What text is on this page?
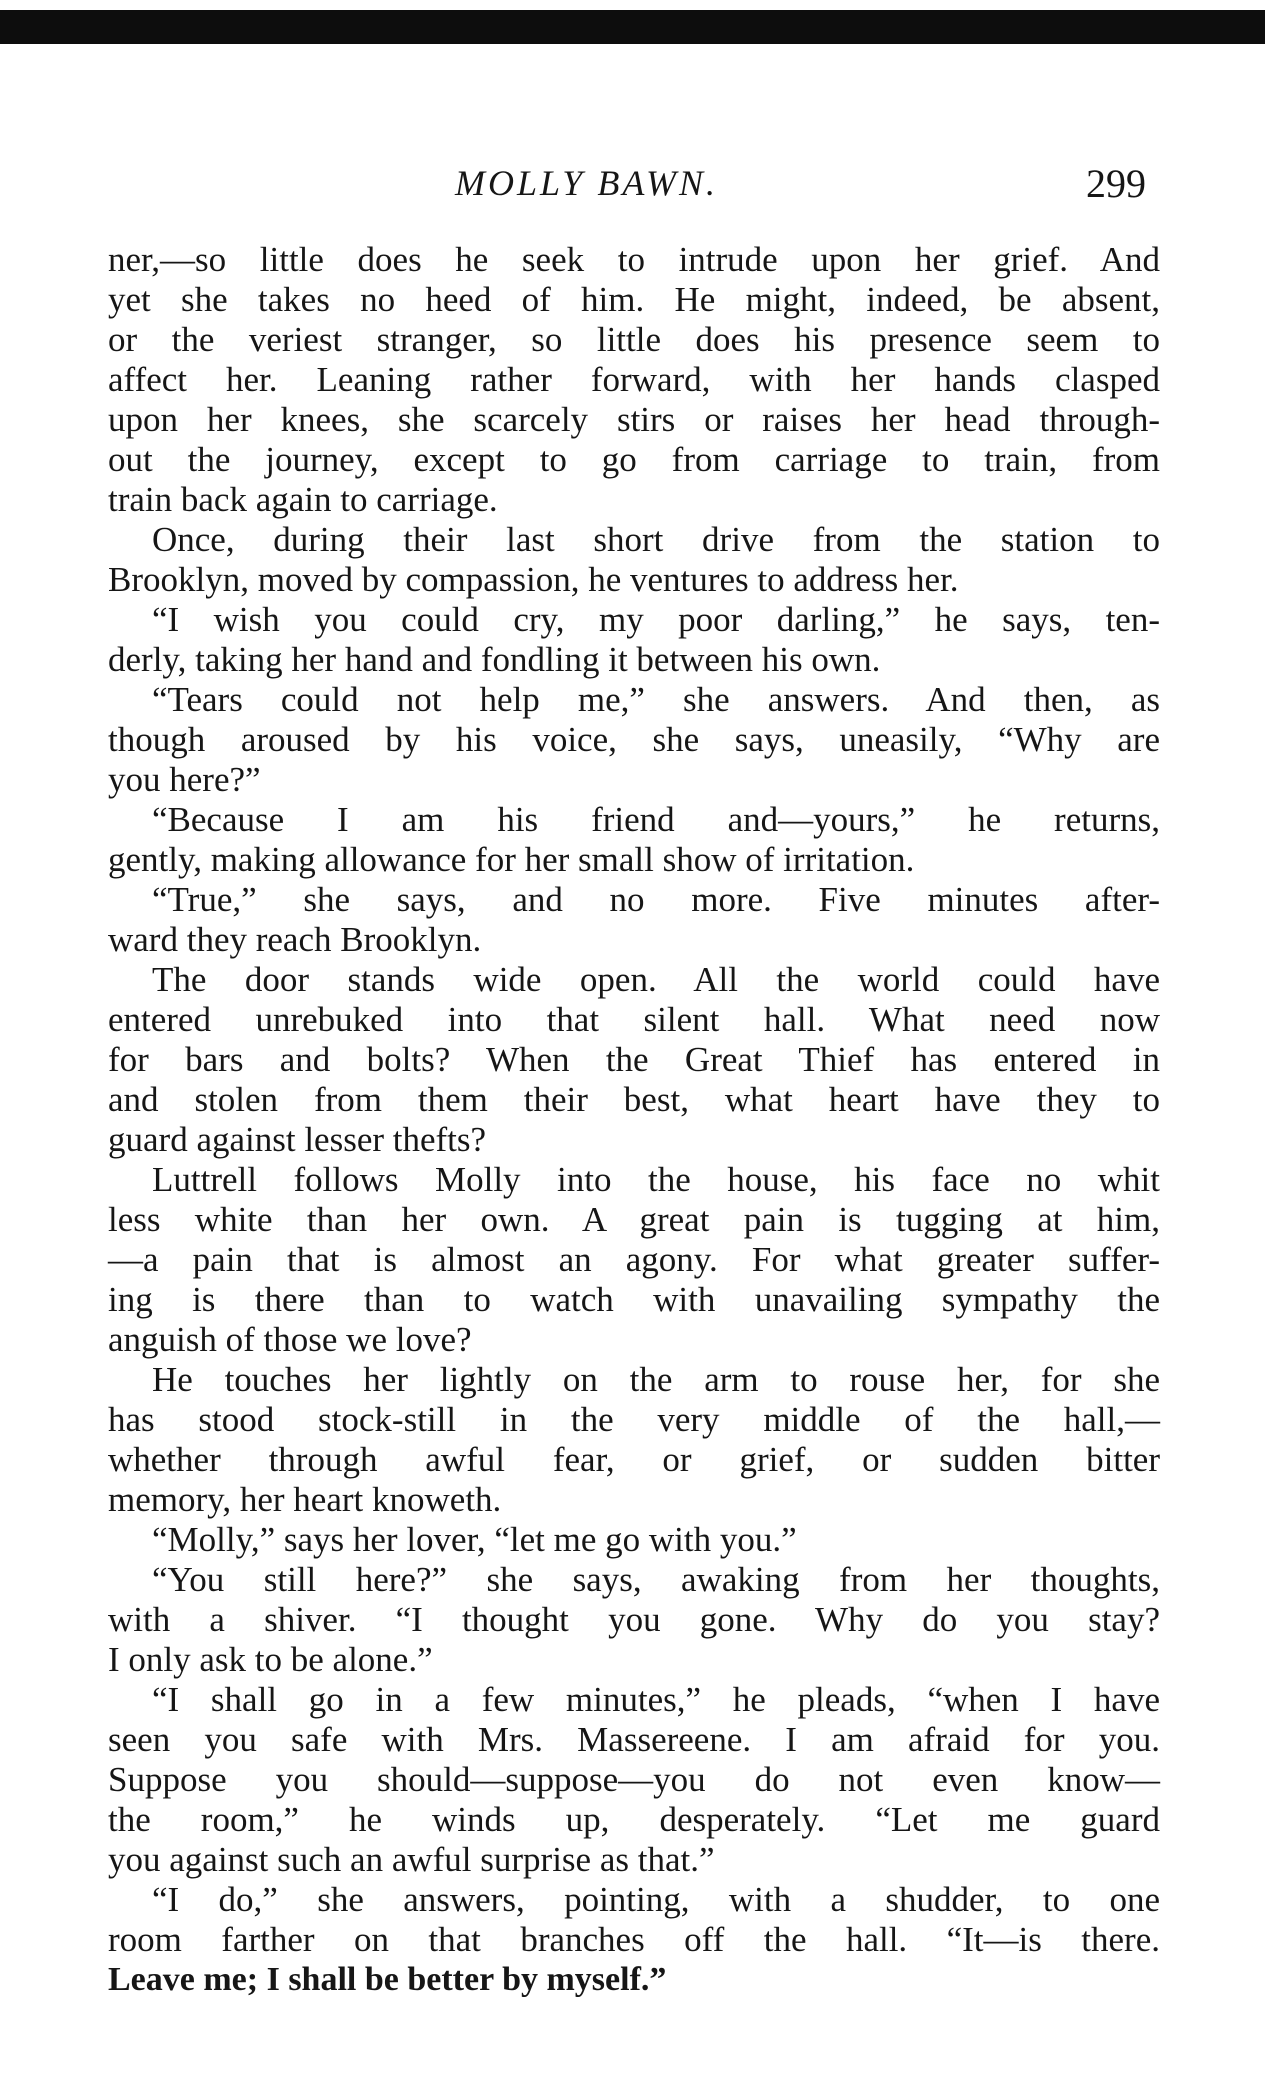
MOLLY BAWN.	299
ner,—so little does he seek to intrude upon her grief. And
yet she takes no heed of him. He might, indeed, be absent,
or the veriest stranger, so little does his presence seem to
affect her. Leaning rather forward, with her hands clasped
upon her knees, she scarcely stirs or raises her head through-
out the journey, except to go from carriage to train, from
train back again to carriage.
Once, during their last short drive from the station to
Brooklyn, moved by compassion, he ventures to address her.
“I wish you could cry, my poor darling,” he says, ten-
derly, taking her hand and fondling it between his own.
“Tears could not help me,” she answers. And then, as
though aroused by his voice, she says, uneasily, “Why are
you here?”
“Because I am his friend and—yours,” he returns,
gently, making allowance for her small show of irritation.
“True,” she says, and no more. Five minutes after-
ward they reach Brooklyn.
The door stands wide open. All the world could have
entered unrebuked into that silent hall. What need now
for bars and bolts? When the Great Thief has entered in
and stolen from them their best, what heart have they to
guard against lesser thefts?
Luttrell follows Molly into the house, his face no whit
less white than her own. A great pain is tugging at him,
—a pain that is almost an agony. For what greater suffer-
ing is there than to watch with unavailing sympathy the
anguish of those we love?
He touches her lightly on the arm to rouse her, for she
has stood stock-still in the very middle of the hall,—
whether through awful fear, or grief, or sudden bitter
memory, her heart knoweth.
“Molly,” says her lover, “let me go with you.”
“You still here?” she says, awaking from her thoughts,
with a shiver. “I thought you gone. Why do you stay?
I only ask to be alone.”
“I shall go in a few minutes,” he pleads, “when I have
seen you safe with Mrs. Massereene. I am afraid for you.
Suppose you should—suppose—you do not even know—
the room,” he winds up, desperately. “Let me guard
you against such an awful surprise as that.”
“I do,” she answers, pointing, with a shudder, to one
room farther on that branches off the hall. “It—is there.
Leave me; I shall be better by myself.”
